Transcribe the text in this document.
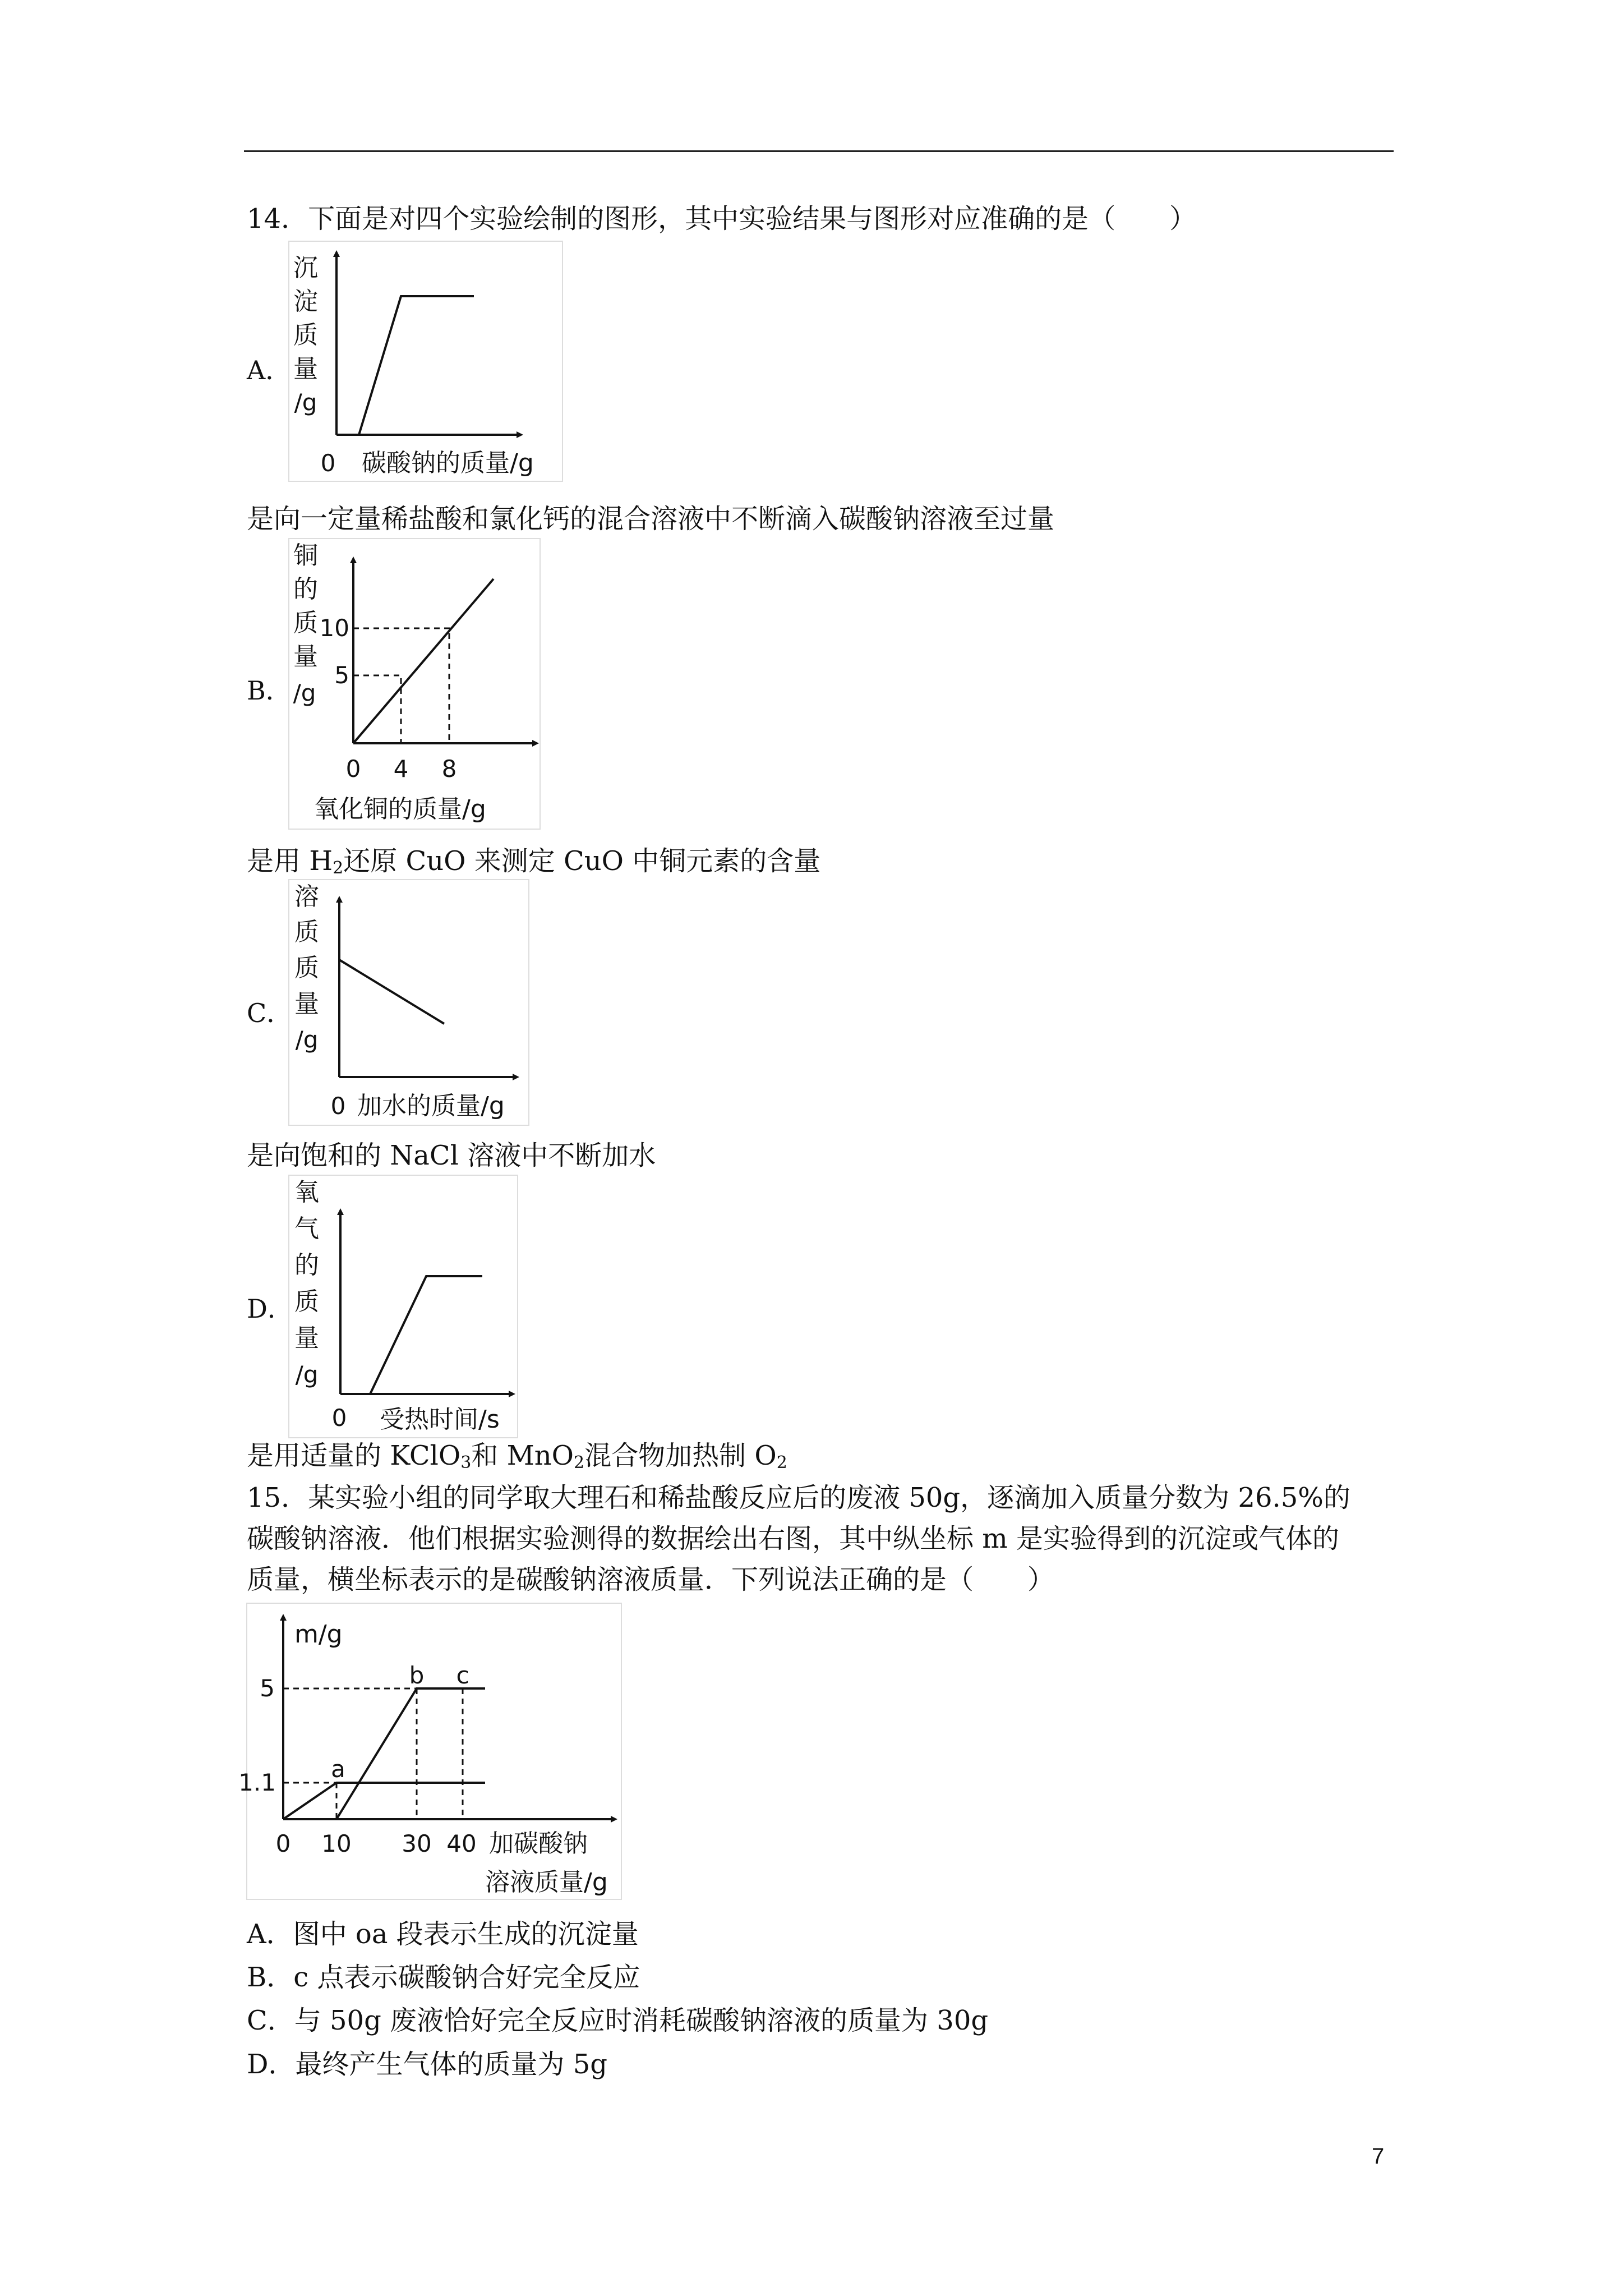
14．下面是对四个实验绘制的图形，其中实验结果与图形对应准确的是（　　）
A．
沉
淀
质
量
/g
0 碳酸钠的质量/g
是向一定量稀盐酸和氯化钙的混合溶液中不断滴入碳酸钠溶液至过量
B．
铜
的
质
量
/g
10
5
0 4 8
氧化铜的质量/g
是用 $H_2$还原 CuO 来测定 CuO 中铜元素的含量
C．
溶
质
质
量
/g
0 加水的质量/g
是向饱和的 NaCl 溶液中不断加水
D．
氧
气
的
质
量
/g
0 受热时间/s
是用适量的 KClO$_3$和 MnO$_2$混合物加热制 $O_2$
15．某实验小组的同学取大理石和稀盐酸反应后的废液 50g，逐滴加入质量分数为 26.5%的
碳酸钠溶液．他们根据实验测得的数据绘出右图，其中纵坐标 m 是实验得到的沉淀或气体的
质量，横坐标表示的是碳酸钠溶液质量．下列说法正确的是（　　）
m/g
5
1.1 a
b c
0 10 30 40 加碳酸钠
溶液质量/g
A．图中 oa 段表示生成的沉淀量
B．c 点表示碳酸钠合好完全反应
C．与 50g 废液恰好完全反应时消耗碳酸钠溶液的质量为 30g
D．最终产生气体的质量为 5g
7
